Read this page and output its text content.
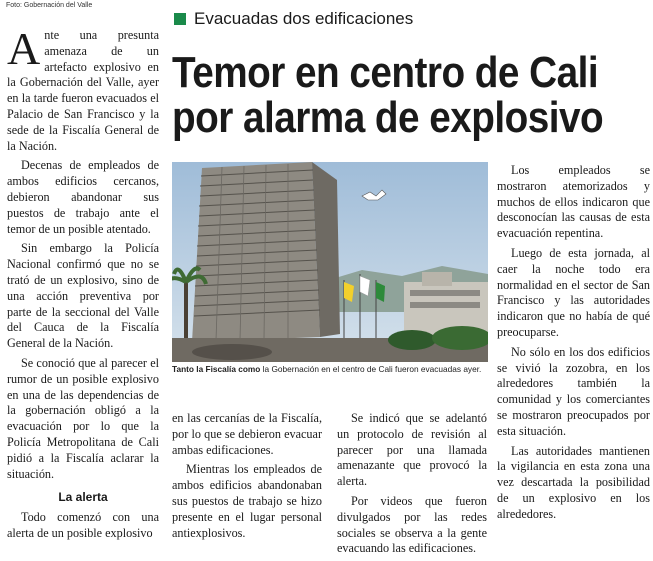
Foto: Gobernación del Valle
Evacuadas dos edificaciones
Temor en centro de Cali
por alarma de explosivo

Ante una presunta amenaza de un artefacto explosivo en la Gobernación del Valle, ayer en la tarde fueron evacuados el Palacio de San Francisco y la sede de la Fiscalía General de la Nación.

Decenas de empleados de ambos edificios cercanos, debieron abandonar sus puestos de trabajo ante el temor de un posible atentado.

Sin embargo la Policía Nacional confirmó que no se trató de un explosivo, sino de una acción preventiva por parte de la seccional del Valle del Cauca de la Fiscalía General de la Nación.

Se conoció que al parecer el rumor de un posible explosivo en una de las dependencias de la gobernación obligó a la evacuación por lo que la Policía Metropolitana de Cali pidió a la Fiscalía aclarar la situación.

La alerta

Todo comenzó con una alerta de un posible explosivo

Tanto la Fiscalía como la Gobernación en el centro de Cali fueron evacuadas ayer.

en las cercanías de la Fiscalía, por lo que se debieron evacuar ambas edificaciones.

Mientras los empleados de ambos edificios abandonaban sus puestos de trabajo se hizo presente en el lugar personal antiexplosivos.

Se indicó que se adelantó un protocolo de revisión al parecer por una llamada amenazante que provocó la alerta.

Por videos que fueron divulgados por las redes sociales se observa a la gente evacuando las edificaciones.

Los empleados se mostraron atemorizados y muchos de ellos indicaron que desconocían las causas de esta evacuación repentina.

Luego de esta jornada, al caer la noche todo era normalidad en el sector de San Francisco y las autoridades indicaron que no había de qué preocuparse.

No sólo en los dos edificios se vivió la zozobra, en los alrededores también la comunidad y los comerciantes se mostraron preocupados por esta situación.

Las autoridades mantienen la vigilancia en esta zona una vez descartada la posibilidad de un explosivo en los alrededores.
